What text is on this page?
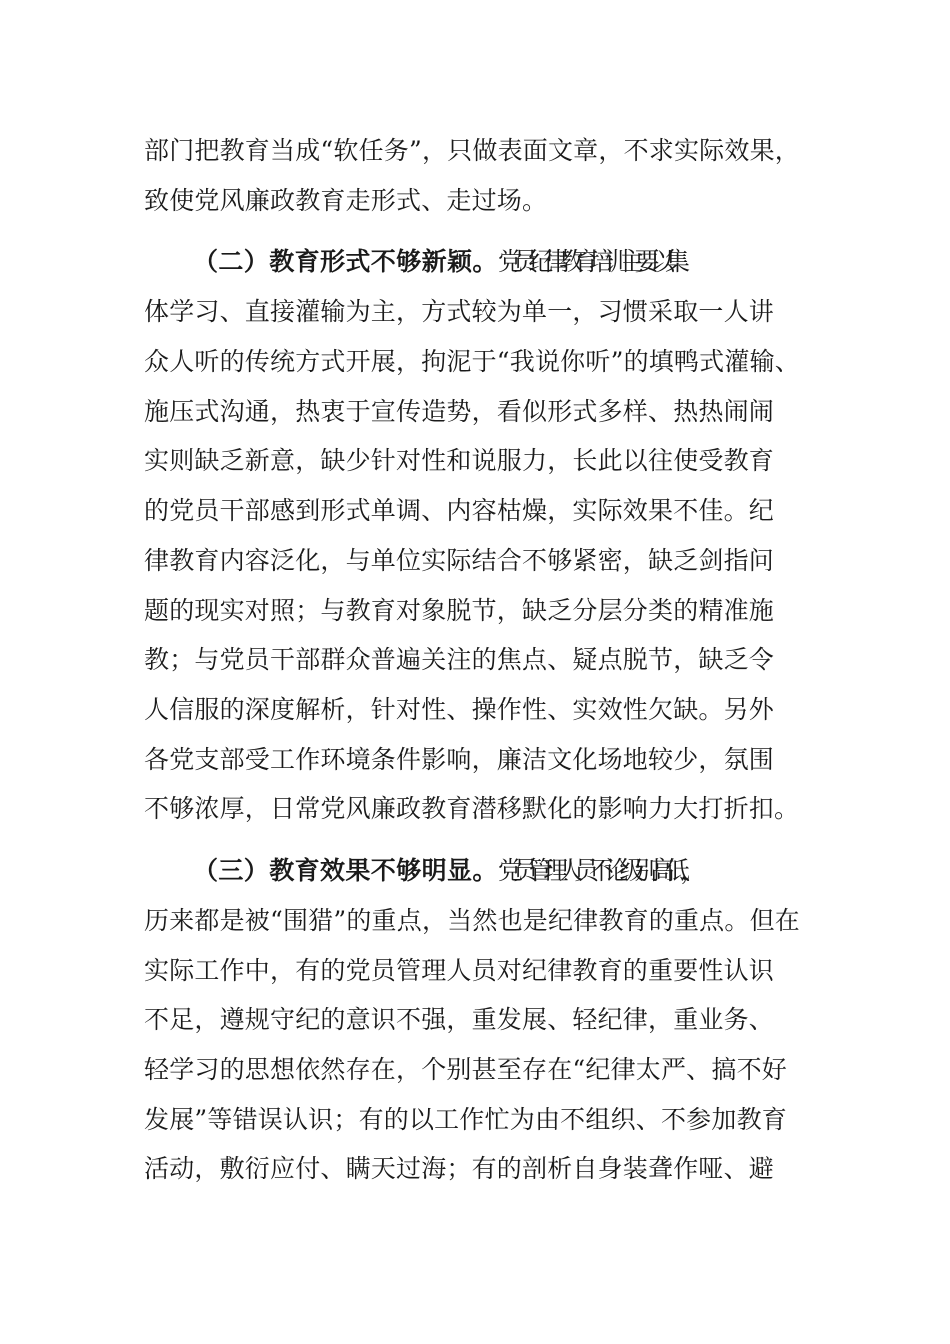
部门把教育当成“软任务”，只做表面文章，不求实际效果，
致使党风廉政教育走形式、走过场。
（二）教育形式不够新颖。党员纪律教育培训主要以集
体学习、直接灌输为主，方式较为单一，习惯采取一人讲
众人听的传统方式开展，拘泥于“我说你听”的填鸭式灌输、
施压式沟通，热衷于宣传造势，看似形式多样、热热闹闹
实则缺乏新意，缺少针对性和说服力，长此以往使受教育
的党员干部感到形式单调、内容枯燥，实际效果不佳。纪
律教育内容泛化，与单位实际结合不够紧密，缺乏剑指问
题的现实对照；与教育对象脱节，缺乏分层分类的精准施
教；与党员干部群众普遍关注的焦点、疑点脱节，缺乏令
人信服的深度解析，针对性、操作性、实效性欠缺。另外
各党支部受工作环境条件影响，廉洁文化场地较少，氛围
不够浓厚，日常党风廉政教育潜移默化的影响力大打折扣。
（三）教育效果不够明显。党员管理人员不论级别高低，
历来都是被“围猎”的重点，当然也是纪律教育的重点。但在
实际工作中，有的党员管理人员对纪律教育的重要性认识
不足，遵规守纪的意识不强，重发展、轻纪律，重业务、
轻学习的思想依然存在，个别甚至存在“纪律太严、搞不好
发展”等错误认识；有的以工作忙为由不组织、不参加教育
活动，敷衍应付、瞒天过海；有的剖析自身装聋作哑、避
